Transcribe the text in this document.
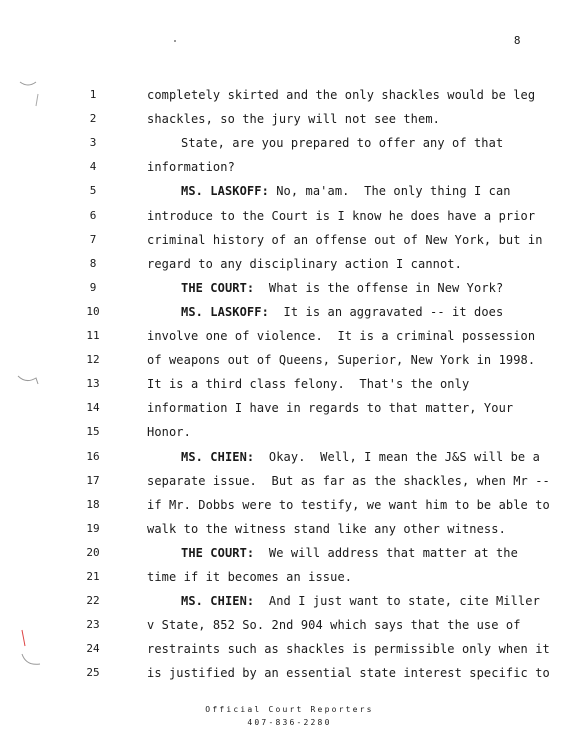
8
1	completely skirted and the only shackles would be leg
2	shackles, so the jury will not see them.
3	State, are you prepared to offer any of that
4	information?
5	MS. LASKOFF: No, ma'am.  The only thing I can
6	introduce to the Court is I know he does have a prior
7	criminal history of an offense out of New York, but in
8	regard to any disciplinary action I cannot.
9	THE COURT:  What is the offense in New York?
10	MS. LASKOFF:  It is an aggravated -- it does
11	involve one of violence.  It is a criminal possession
12	of weapons out of Queens, Superior, New York in 1998.
13	It is a third class felony.  That's the only
14	information I have in regards to that matter, Your
15	Honor.
16	MS. CHIEN:  Okay.  Well, I mean the J&S will be a
17	separate issue.  But as far as the shackles, when Mr --
18	if Mr. Dobbs were to testify, we want him to be able to
19	walk to the witness stand like any other witness.
20	THE COURT:  We will address that matter at the
21	time if it becomes an issue.
22	MS. CHIEN:  And I just want to state, cite Miller
23	v State, 852 So. 2nd 904 which says that the use of
24	restraints such as shackles is permissible only when it
25	is justified by an essential state interest specific to
Official Court Reporters
407-836-2280
